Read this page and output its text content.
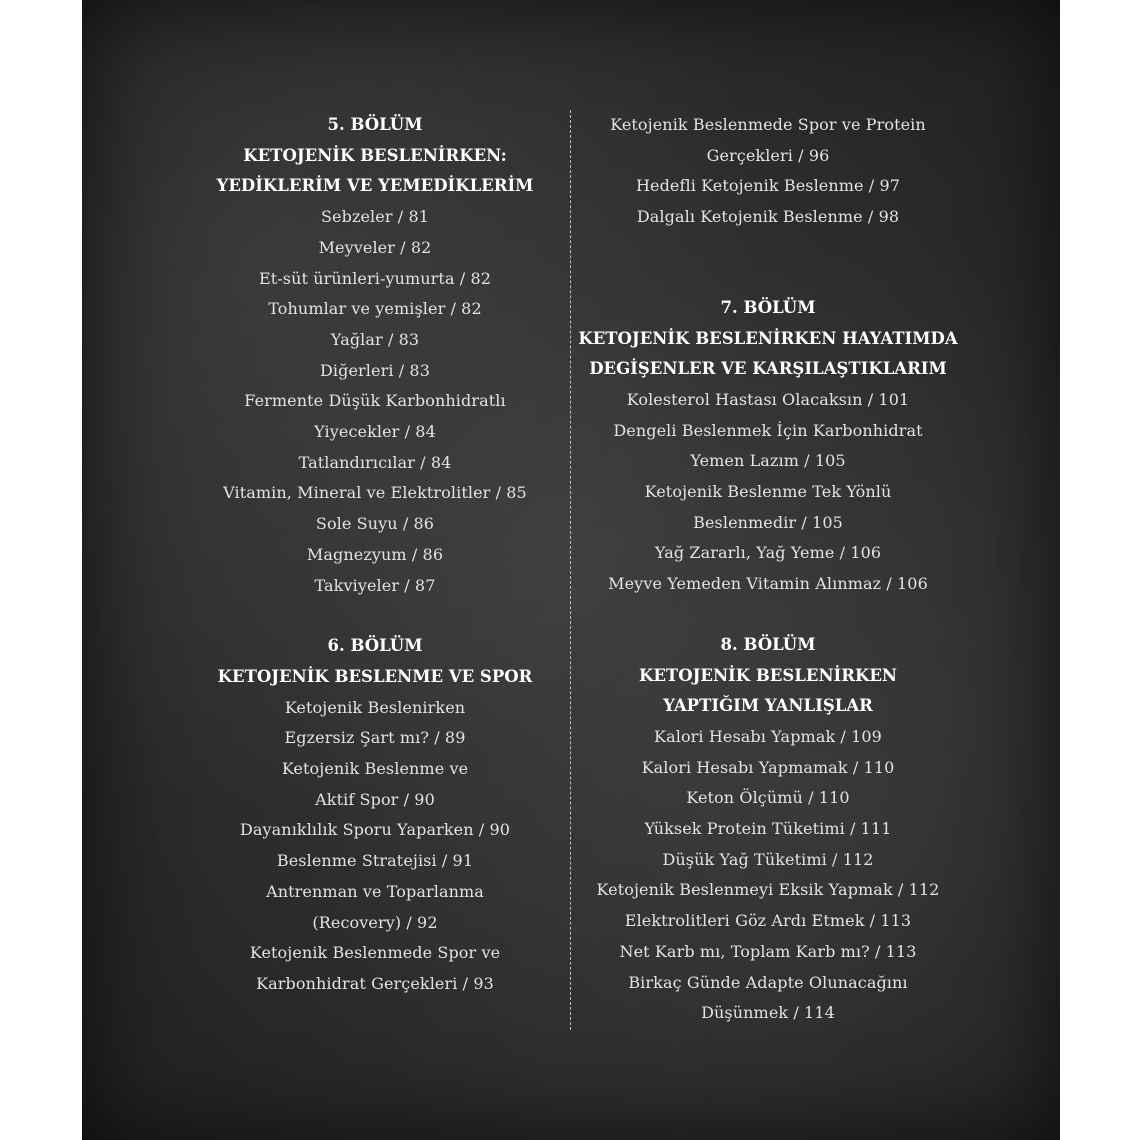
5. BÖLÜM
KETOJENİK BESLENİRKEN:
YEDİKLERİM VE YEMEDİKLERİM
Sebzeler / 81
Meyveler / 82
Et-süt ürünleri-yumurta / 82
Tohumlar ve yemişler / 82
Yağlar / 83
Diğerleri / 83
Fermente Düşük Karbonhidratlı
Yiyecekler / 84
Tatlandırıcılar / 84
Vitamin, Mineral ve Elektrolitler / 85
Sole Suyu / 86
Magnezyum / 86
Takviyeler / 87
6. BÖLÜM
KETOJENİK BESLENME VE SPOR
Ketojenik Beslenirken
Egzersiz Şart mı? / 89
Ketojenik Beslenme ve
Aktif Spor / 90
Dayanıklılık Sporu Yaparken / 90
Beslenme Stratejisi / 91
Antrenman ve Toparlanma
(Recovery) / 92
Ketojenik Beslenmede Spor ve
Karbonhidrat Gerçekleri / 93
Ketojenik Beslenmede Spor ve Protein
Gerçekleri / 96
Hedefli Ketojenik Beslenme / 97
Dalgalı Ketojenik Beslenme / 98
7. BÖLÜM
KETOJENİK BESLENİRKEN HAYATIMDA
DEGİŞENLER VE KARŞILAŞTIKLARIM
Kolesterol Hastası Olacaksın / 101
Dengeli Beslenmek İçin Karbonhidrat
Yemen Lazım / 105
Ketojenik Beslenme Tek Yönlü
Beslenmedir / 105
Yağ Zararlı, Yağ Yeme / 106
Meyve Yemeden Vitamin Alınmaz / 106
8. BÖLÜM
KETOJENİK BESLENİRKEN
YAPTIĞIM YANLIŞLAR
Kalori Hesabı Yapmak / 109
Kalori Hesabı Yapmamak / 110
Keton Ölçümü / 110
Yüksek Protein Tüketimi / 111
Düşük Yağ Tüketimi / 112
Ketojenik Beslenmeyi Eksik Yapmak / 112
Elektrolitleri Göz Ardı Etmek / 113
Net Karb mı, Toplam Karb mı? / 113
Birkaç Günde Adapte Olunacağını
Düşünmek / 114
